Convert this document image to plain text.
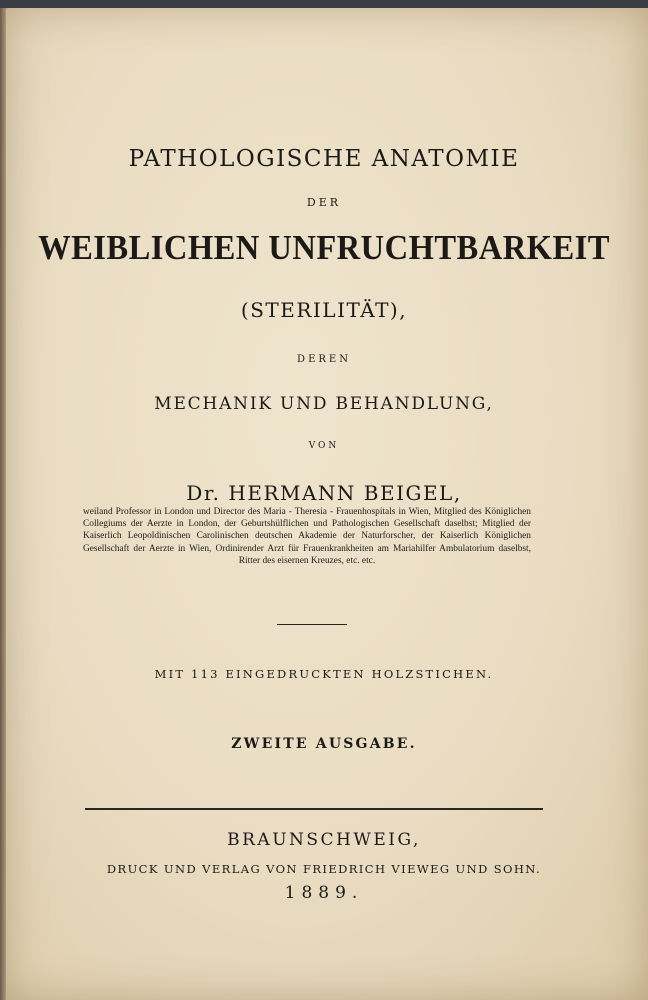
PATHOLOGISCHE ANATOMIE
DER
WEIBLICHEN UNFRUCHTBARKEIT
(STERILITÄT),
DEREN
MECHANIK UND BEHANDLUNG,
VON
Dr. HERMANN BEIGEL,
weiland Professor in London und Director des Maria - Theresia - Frauenhospitals in Wien, Mitglied des Königlichen Collegiums der Aerzte in London, der Geburtshülflichen und Pathologischen Gesellschaft daselbst; Mitglied der Kaiserlich Leopoldinischen Carolinischen deutschen Akademie der Naturforscher, der Kaiserlich Königlichen Gesellschaft der Aerzte in Wien, Ordinirender Arzt für Frauenkrankheiten am Mariahilfer Ambulatorium daselbst, Ritter des eisernen Kreuzes, etc. etc.
MIT 113 EINGEDRUCKTEN HOLZSTICHEN.
ZWEITE AUSGABE.
BRAUNSCHWEIG,
DRUCK UND VERLAG VON FRIEDRICH VIEWEG UND SOHN.
1889.
